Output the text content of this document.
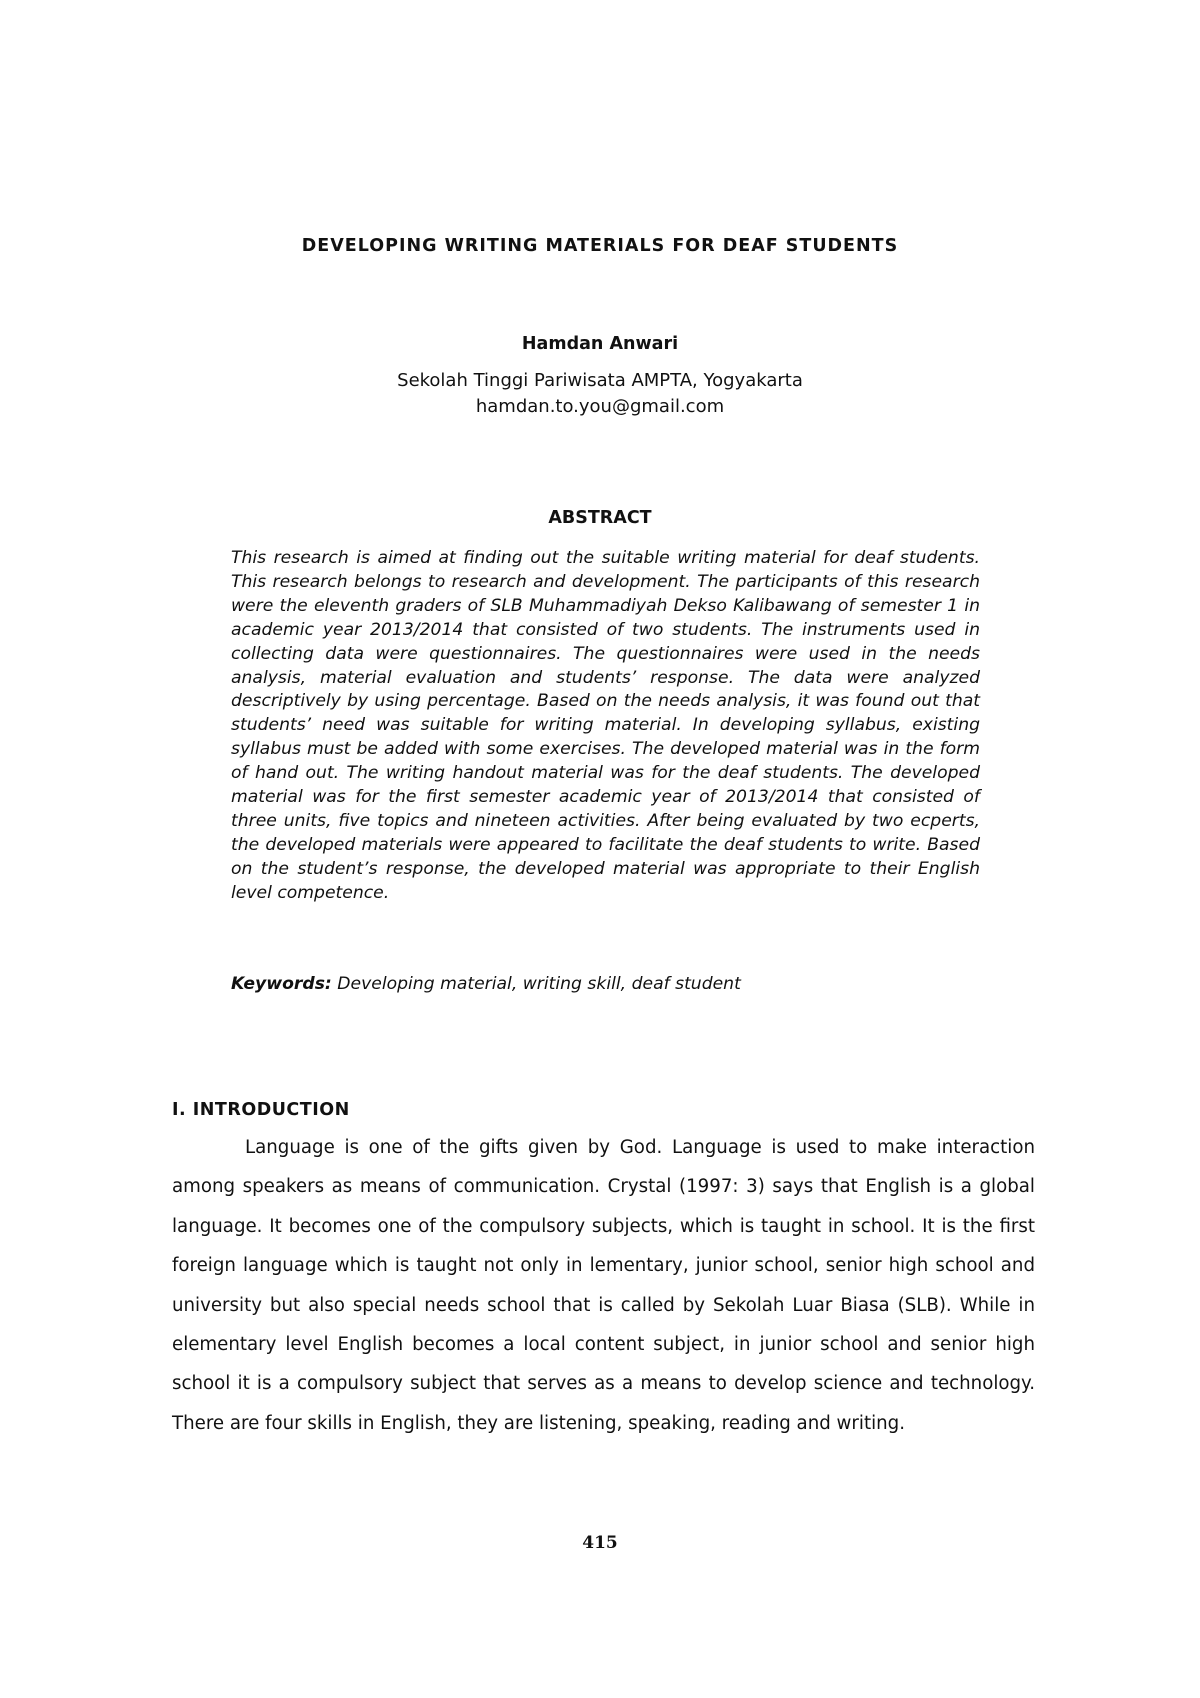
DEVELOPING WRITING MATERIALS FOR DEAF STUDENTS
Hamdan Anwari
Sekolah Tinggi Pariwisata AMPTA, Yogyakarta
hamdan.to.you@gmail.com
ABSTRACT
This research is aimed at finding out the suitable writing material for deaf students. This research belongs to research and development. The participants of this research were the eleventh graders of SLB Muhammadiyah Dekso Kalibawang of semester 1 in academic year 2013/2014 that consisted of two students. The instruments used in collecting data were questionnaires. The questionnaires were used in the needs analysis, material evaluation and students’ response. The data were analyzed descriptively by using percentage. Based on the needs analysis, it was found out that students’ need was suitable for writing material. In developing syllabus, existing syllabus must be added with some exercises. The developed material was in the form of hand out. The writing handout material was for the deaf students. The developed material was for the first semester academic year of 2013/2014 that consisted of three units, five topics and nineteen activities. After being evaluated by two ecperts, the developed materials were appeared to facilitate the deaf students to write. Based on the student’s response, the developed material was appropriate to their English level competence.
Keywords: Developing material, writing skill, deaf student
I. INTRODUCTION
Language is one of the gifts given by God. Language is used to make interaction among speakers as means of communication. Crystal (1997: 3) says that English is a global language. It becomes one of the compulsory subjects, which is taught in school. It is the first foreign language which is taught not only in lementary, junior school, senior high school and university but also special needs school that is called by Sekolah Luar Biasa (SLB). While in elementary level English becomes a local content subject, in junior school and senior high school it is a compulsory subject that serves as a means to develop science and technology. There are four skills in English, they are listening, speaking, reading and writing.
415
